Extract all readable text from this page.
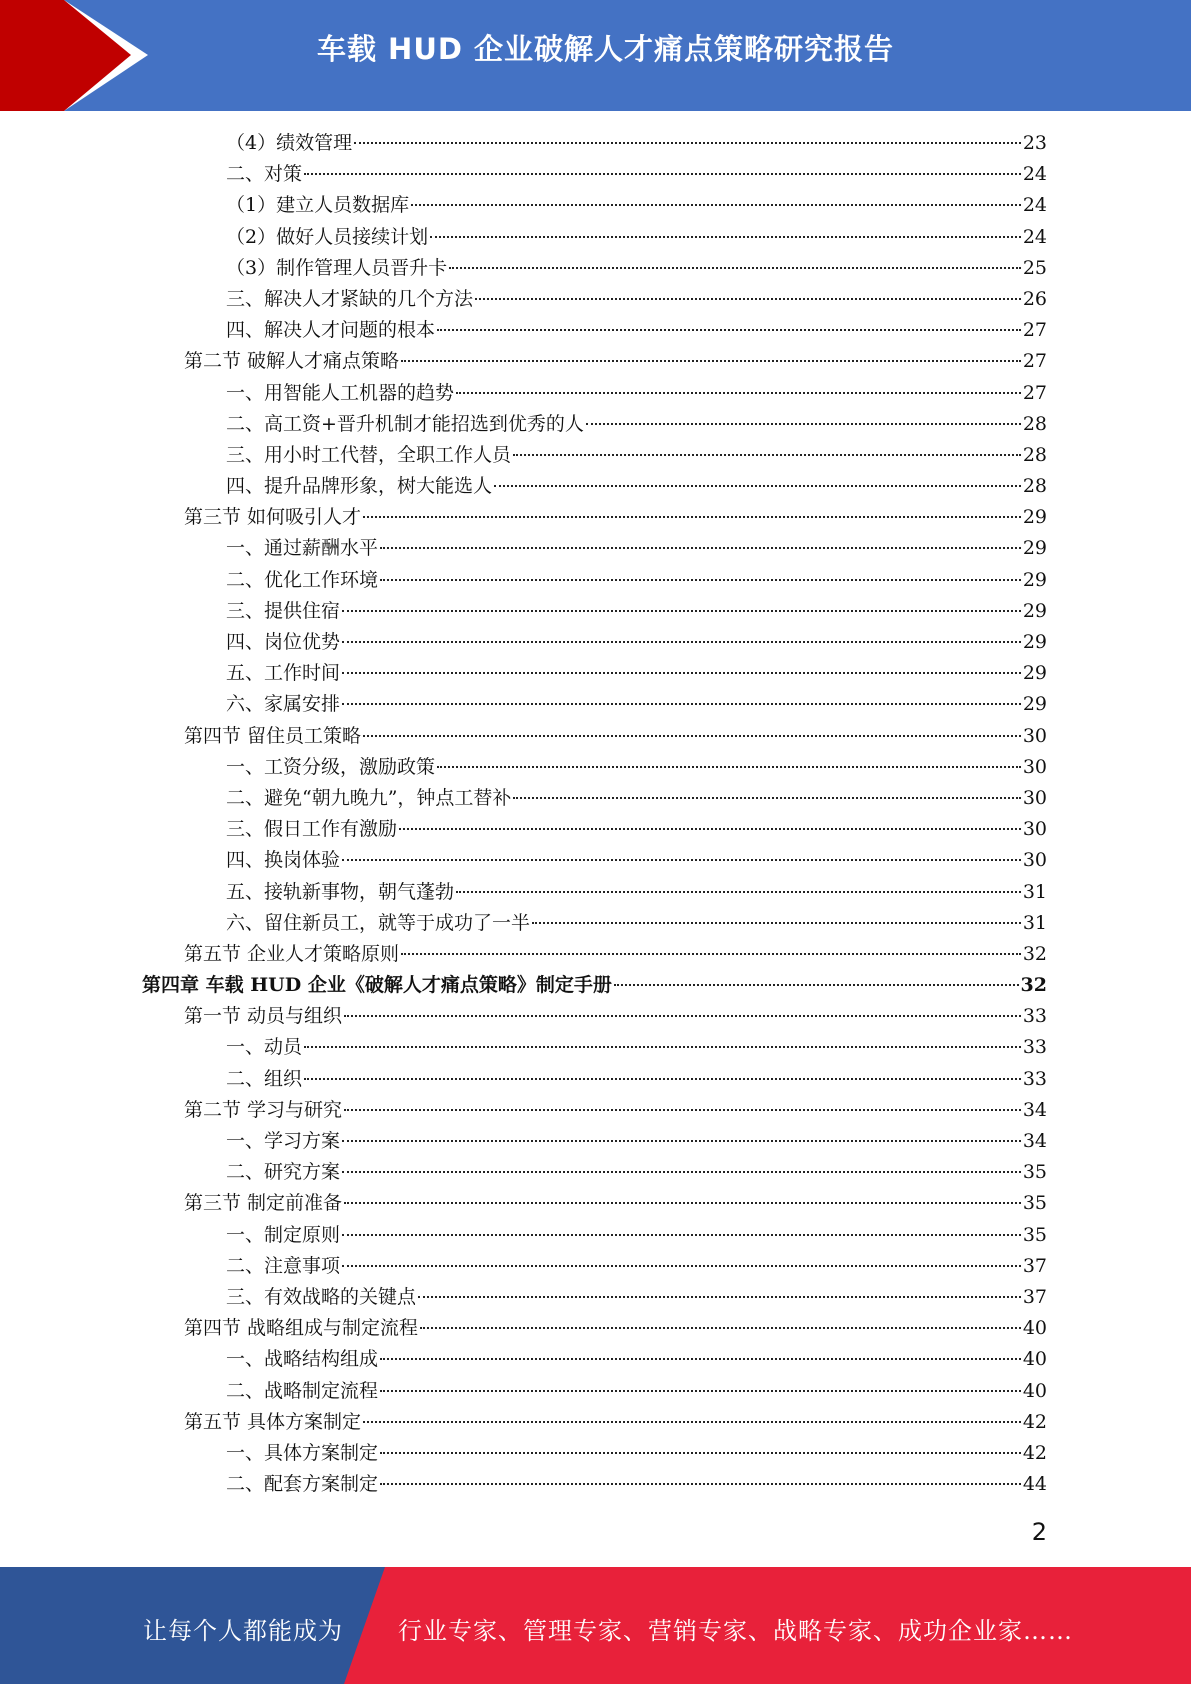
车载 HUD 企业破解人才痛点策略研究报告
（4）绩效管理	23
二、对策	24
（1）建立人员数据库	24
（2）做好人员接续计划	24
（3）制作管理人员晋升卡	25
三、解决人才紧缺的几个方法	26
四、解决人才问题的根本	27
第二节 破解人才痛点策略	27
一、用智能人工机器的趋势	27
二、高工资+晋升机制才能招选到优秀的人	28
三、用小时工代替，全职工作人员	28
四、提升品牌形象，树大能选人	28
第三节 如何吸引人才	29
一、通过薪酬水平	29
二、优化工作环境	29
三、提供住宿	29
四、岗位优势	29
五、工作时间	29
六、家属安排	29
第四节 留住员工策略	30
一、工资分级，激励政策	30
二、避免“朝九晚九”，钟点工替补	30
三、假日工作有激励	30
四、换岗体验	30
五、接轨新事物，朝气蓬勃	31
六、留住新员工，就等于成功了一半	31
第五节 企业人才策略原则	32
第四章 车载 HUD 企业《破解人才痛点策略》制定手册	32
第一节 动员与组织	33
一、动员	33
二、组织	33
第二节 学习与研究	34
一、学习方案	34
二、研究方案	35
第三节 制定前准备	35
一、制定原则	35
二、注意事项	37
三、有效战略的关键点	37
第四节 战略组成与制定流程	40
一、战略结构组成	40
二、战略制定流程	40
第五节 具体方案制定	42
一、具体方案制定	42
二、配套方案制定	44
2
让每个人都能成为 行业专家、管理专家、营销专家、战略专家、成功企业家……
